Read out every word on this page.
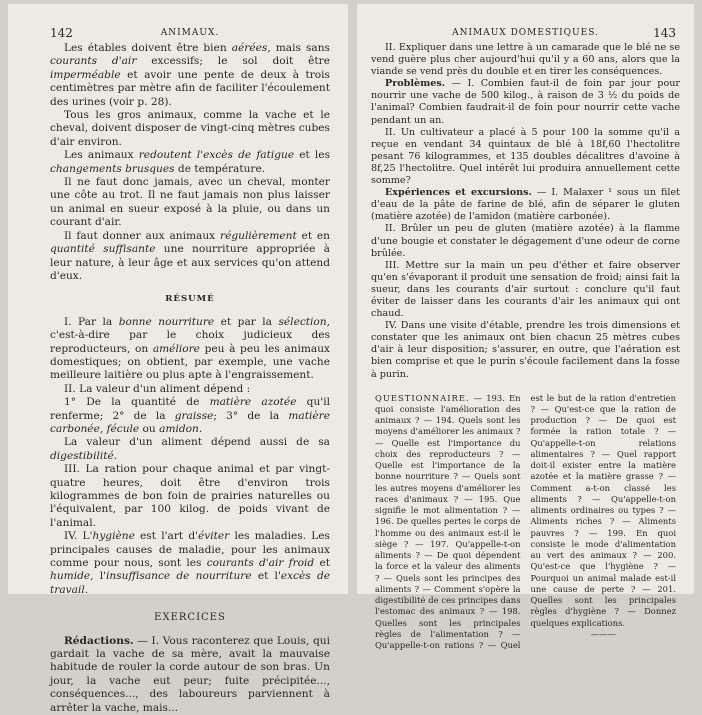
142	ANIMAUX.

Les étables doivent être bien aérées, mais sans courants d'air excessifs; le sol doit être imperméable et avoir une pente de deux à trois centimètres par mètre afin de faciliter l'écoulement des urines (voir p. 28).

Tous les gros animaux, comme la vache et le cheval, doivent disposer de vingt-cinq mètres cubes d'air environ.

Les animaux redoutent l'excès de fatigue et les changements brusques de température.

Il ne faut donc jamais, avec un cheval, monter une côte au trot. Il ne faut jamais non plus laisser un animal en sueur exposé à la pluie, ou dans un courant d'air.

Il faut donner aux animaux régulièrement et en quantité suffisante une nourriture appropriée à leur nature, à leur âge et aux services qu'on attend d'eux.

RÉSUMÉ

I. Par la bonne nourriture et par la sélection, c'est-à-dire par le choix judicieux des reproducteurs, on améliore peu à peu les animaux domestiques; on obtient, par exemple, une vache meilleure laitière ou plus apte à l'engraissement.

II. La valeur d'un aliment dépend :

1° De la quantité de matière azotée qu'il renferme; 2° de la graisse; 3° de la matière carbonée, fécule ou amidon.

La valeur d'un aliment dépend aussi de sa digestibilité.

III. La ration pour chaque animal et par vingt-quatre heures, doit être d'environ trois kilogrammes de bon foin de prairies naturelles ou l'équivalent, par 100 kilog. de poids vivant de l'animal.

IV. L'hygiène est l'art d'éviter les maladies. Les principales causes de maladie, pour les animaux comme pour nous, sont les courants d'air froid et humide, l'insuffisance de nourriture et l'excès de travail.

EXERCICES

Rédactions. — I. Vous raconterez que Louis, qui gardait la vache de sa mère, avait la mauvaise habitude de rouler la corde autour de son bras. Un jour, la vache eut peur; fuite précipitée..., conséquences..., des laboureurs parviennent à arrêter la vache, mais...

ANIMAUX DOMESTIQUES.	143

II. Expliquer dans une lettre à un camarade que le blé ne se vend guère plus cher aujourd'hui qu'il y a 60 ans, alors que la viande se vend près du double et en tirer les conséquences.

Problèmes. — I. Combien faut-il de foin par jour pour nourrir une vache de 500 kilog., à raison de 3 ½ du poids de l'animal? Combien faudrait-il de foin pour nourrir cette vache pendant un an.

II. Un cultivateur a placé à 5 pour 100 la somme qu'il a reçue en vendant 34 quintaux de blé à 18f,60 l'hectolitre pesant 76 kilogrammes, et 135 doubles décalitres d'avoine à 8f,25 l'hectolitre. Quel intérêt lui produira annuellement cette somme?

Expériences et excursions. — I. Malaxer ¹ sous un filet d'eau de la pâte de farine de blé, afin de séparer le gluten (matière azotée) de l'amidon (matière carbonée).

II. Brûler un peu de gluten (matière azotée) à la flamme d'une bougie et constater le dégagement d'une odeur de corne brûlée.

III. Mettre sur la main un peu d'éther et faire observer qu'en s'évaporant il produit une sensation de froid; ainsi fait la sueur, dans les courants d'air surtout : conclure qu'il faut éviter de laisser dans les courants d'air les animaux qui ont chaud.

IV. Dans une visite d'étable, prendre les trois dimensions et constater que les animaux ont bien chacun 25 mètres cubes d'air à leur disposition; s'assurer, en outre, que l'aération est bien comprise et que le purin s'écoule facilement dans la fosse à purin.

QUESTIONNAIRE. — 193. En quoi consiste l'amélioration des animaux ? — 194. Quels sont les moyens d'améliorer les animaux ? — Quelle est l'importance du choix des reproducteurs ? — Quelle est l'importance de la bonne nourriture ? — Quels sont les autres moyens d'améliorer les races d'animaux ? — 195. Que signifie le mot alimentation ? — 196. De quelles pertes le corps de l'homme ou des animaux est-il le siège ? — 197. Qu'appelle-t-on aliments ? — De quoi dépendent la force et la valeur des aliments ? — Quels sont les principes des aliments ? — Comment s'opère la digestibilité de ces principes dans l'estomac des animaux ? — 198. Quelles sont les principales règles de l'alimentation ? — Qu'appelle-t-on rations ? — Quel est le but de la ration d'entretien ? — Qu'est-ce que la ration de production ? — De quoi est formée la ration totale ? — Qu'appelle-t-on relations alimentaires ? — Quel rapport doit-il exister entre la matière azotée et la matière grasse ? — Comment a-t-on classé les aliments ? — Qu'appelle-t-on aliments ordinaires ou types ? — Aliments riches ? — Aliments pauvres ? — 199. En quoi consiste le mode d'alimentation au vert des animaux ? — 200. Qu'est-ce que l'hygiène ? — Pourquoi un animal malade est-il une cause de perte ? — 201. Quelles sont les principales règles d'hygiène ? — Donnez quelques explications.

———
